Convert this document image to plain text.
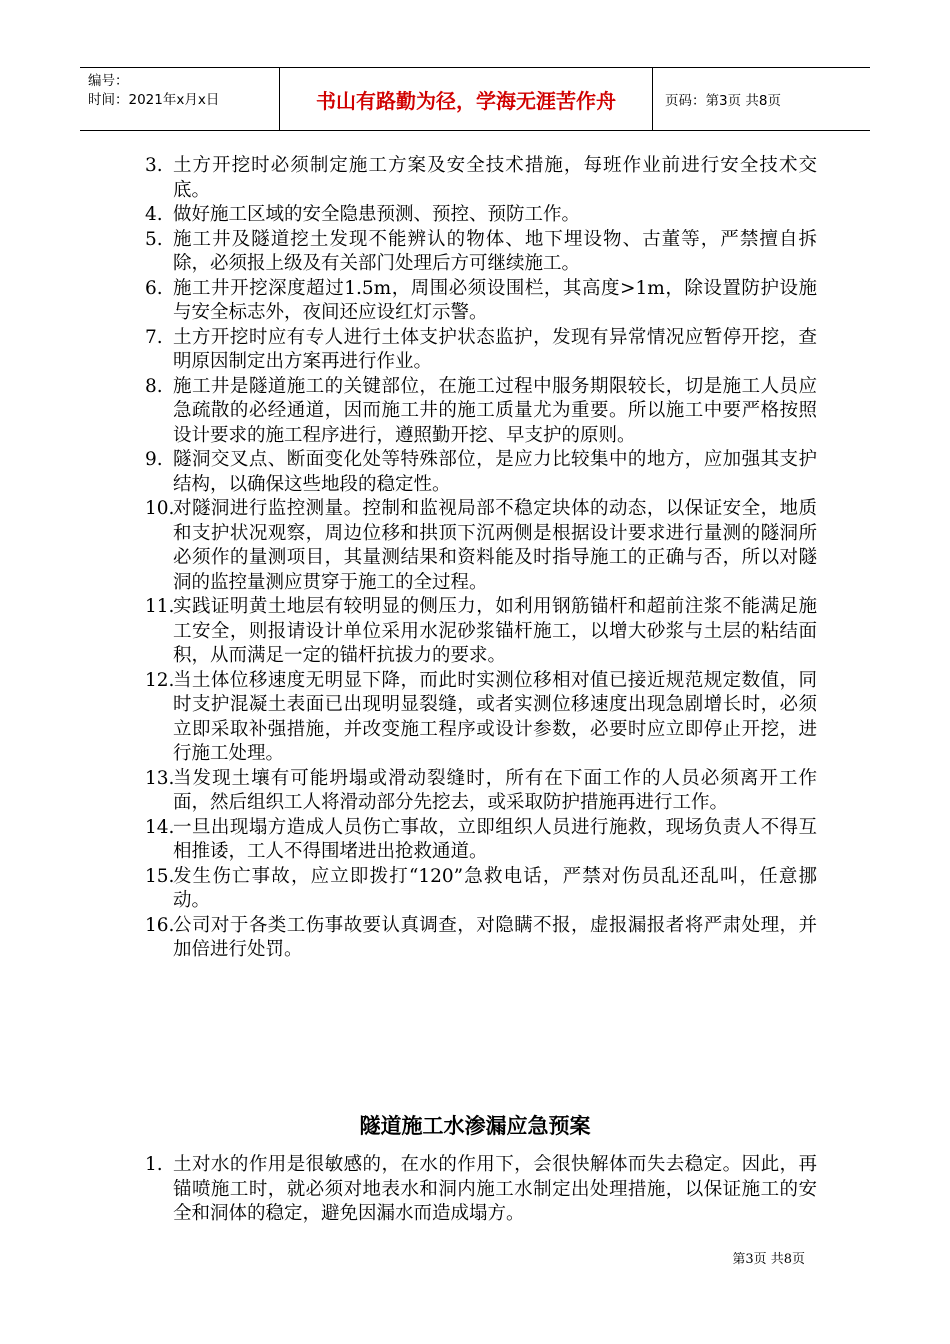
编号：
时间：2021年x月x日	书山有路勤为径，学海无涯苦作舟	页码：第3页 共8页
3. 土方开挖时必须制定施工方案及安全技术措施，每班作业前进行安全技术交底。
4. 做好施工区域的安全隐患预测、预控、预防工作。
5. 施工井及隧道挖土发现不能辨认的物体、地下埋设物、古董等，严禁擅自拆除，必须报上级及有关部门处理后方可继续施工。
6. 施工井开挖深度超过1.5m，周围必须设围栏，其高度>1m，除设置防护设施与安全标志外，夜间还应设红灯示警。
7. 土方开挖时应有专人进行土体支护状态监护，发现有异常情况应暂停开挖，查明原因制定出方案再进行作业。
8. 施工井是隧道施工的关键部位，在施工过程中服务期限较长，切是施工人员应急疏散的必经通道，因而施工井的施工质量尤为重要。所以施工中要严格按照设计要求的施工程序进行，遵照勤开挖、早支护的原则。
9. 隧洞交叉点、断面变化处等特殊部位，是应力比较集中的地方，应加强其支护结构，以确保这些地段的稳定性。
10.
对隧洞进行监控测量。控制和监视局部不稳定块体的动态，以保证安全，地质和支护状况观察，周边位移和拱顶下沉两侧是根据设计要求进行量测的隧洞所必须作的量测项目，其量测结果和资料能及时指导施工的正确与否，所以对隧洞的监控量测应贯穿于施工的全过程。
11.
实践证明黄土地层有较明显的侧压力，如利用钢筋锚杆和超前注浆不能满足施工安全，则报请设计单位采用水泥砂浆锚杆施工，以增大砂浆与土层的粘结面积，从而满足一定的锚杆抗拔力的要求。
12.
当土体位移速度无明显下降，而此时实测位移相对值已接近规范规定数值，同时支护混凝土表面已出现明显裂缝，或者实测位移速度出现急剧增长时，必须立即采取补强措施，并改变施工程序或设计参数，必要时应立即停止开挖，进行施工处理。
13.
当发现土壤有可能坍塌或滑动裂缝时，所有在下面工作的人员必须离开工作面，然后组织工人将滑动部分先挖去，或采取防护措施再进行工作。
14.
一旦出现塌方造成人员伤亡事故，立即组织人员进行施救，现场负责人不得互相推诿，工人不得围堵进出抢救通道。
15.
发生伤亡事故，应立即拨打“120”急救电话，严禁对伤员乱还乱叫，任意挪动。
16.
公司对于各类工伤事故要认真调查，对隐瞒不报，虚报漏报者将严肃处理，并加倍进行处罚。
隧道施工水渗漏应急预案
1. 土对水的作用是很敏感的，在水的作用下，会很快解体而失去稳定。因此，再锚喷施工时，就必须对地表水和洞内施工水制定出处理措施，以保证施工的安全和洞体的稳定，避免因漏水而造成塌方。
第3页 共8页
